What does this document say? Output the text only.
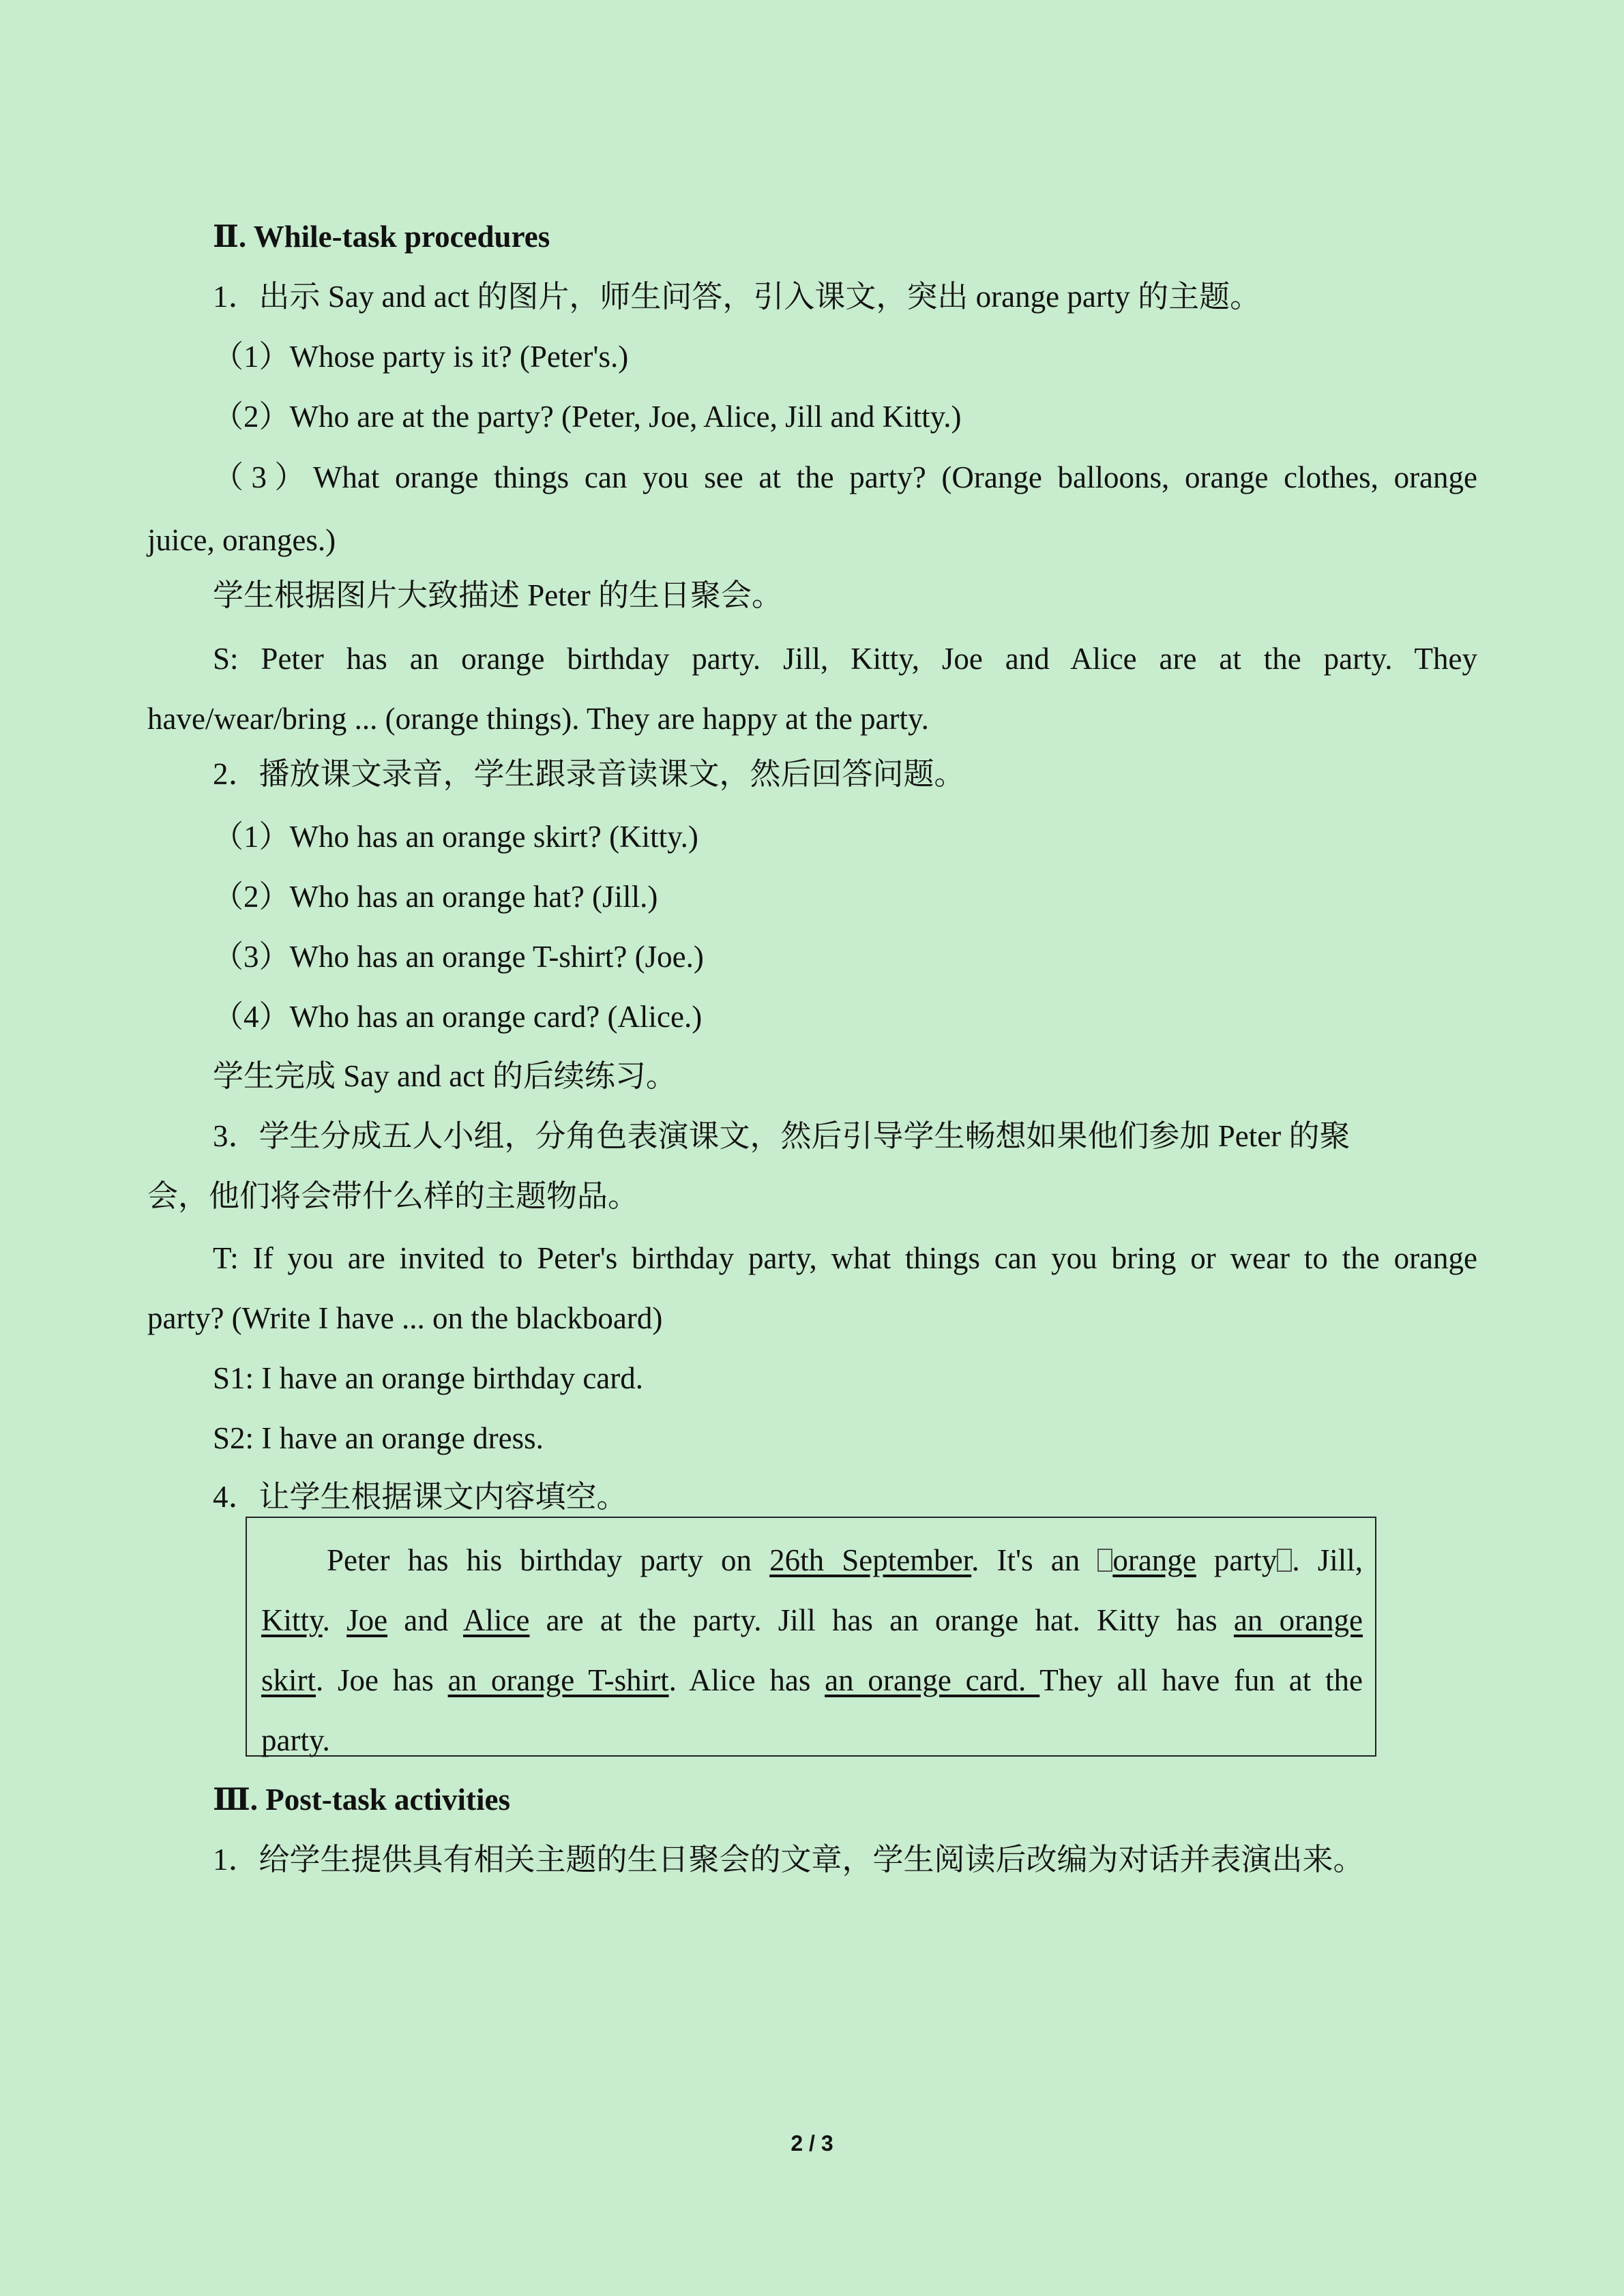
Ⅱ. While-task procedures
1．出示 Say and act 的图片，师生问答，引入课文，突出 orange party 的主题。
（1）Whose party is it? (Peter's.)
（2）Who are at the party? (Peter, Joe, Alice, Jill and Kitty.)
（3）What orange things can you see at the party? (Orange balloons, orange clothes, orange
juice, oranges.)
学生根据图片大致描述 Peter 的生日聚会。
S: Peter has an orange birthday party. Jill, Kitty, Joe and Alice are at the party. They
have/wear/bring ... (orange things). They are happy at the party.
2．播放课文录音，学生跟录音读课文，然后回答问题。
（1）Who has an orange skirt? (Kitty.)
（2）Who has an orange hat? (Jill.)
（3）Who has an orange T-shirt? (Joe.)
（4）Who has an orange card? (Alice.)
学生完成 Say and act 的后续练习。
3．学生分成五人小组，分角色表演课文，然后引导学生畅想如果他们参加 Peter 的聚
会，他们将会带什么样的主题物品。
T: If you are invited to Peter's birthday party, what things can you bring or wear to the orange
party? (Write I have ... on the blackboard)
S1: I have an orange birthday card.
S2: I have an orange dress.
4．让学生根据课文内容填空。
Peter has his birthday party on 26th September. It's an orange party . Jill,
Kitty. Joe and Alice are at the party. Jill has an orange hat. Kitty has an orange
skirt. Joe has an orange T-shirt. Alice has an orange card. They all have fun at the
party.
Ⅲ. Post-task activities
1．给学生提供具有相关主题的生日聚会的文章，学生阅读后改编为对话并表演出来。
2 / 3
